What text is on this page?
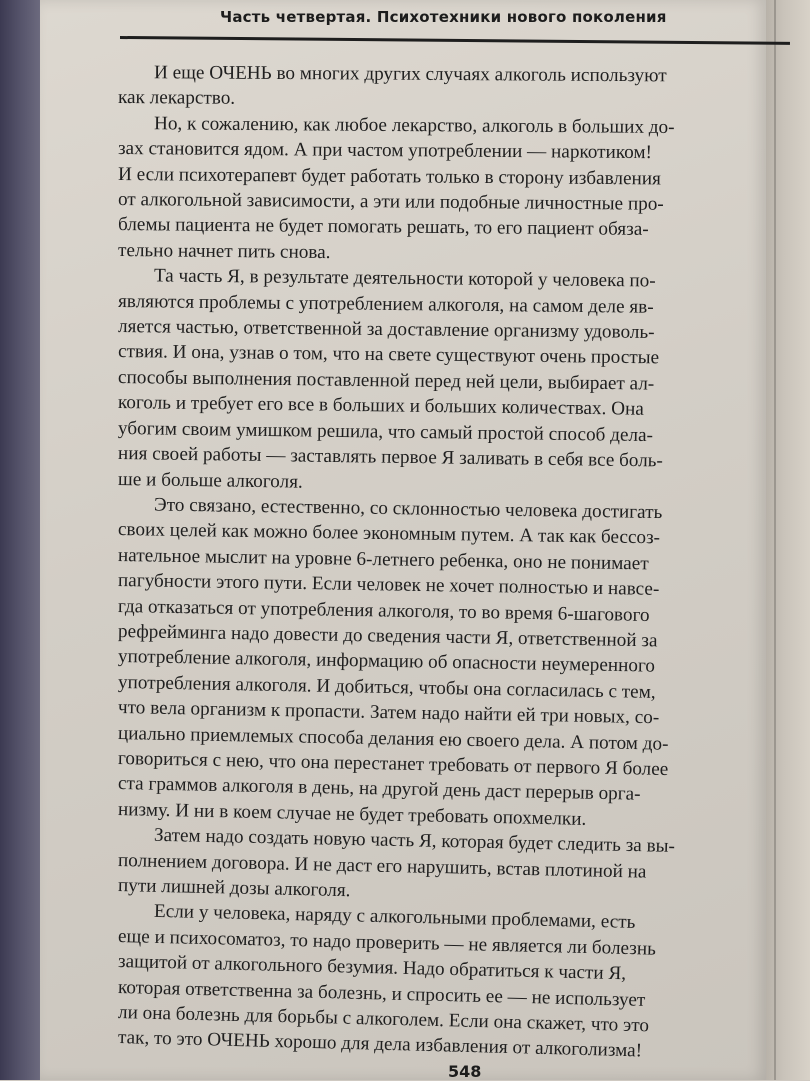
Часть четвертая. Психотехники нового поколения
И еще ОЧЕНЬ во многих других случаях алкоголь используют
как лекарство.
Но, к сожалению, как любое лекарство, алкоголь в больших до-
зах становится ядом. А при частом употреблении — наркотиком!
И если психотерапевт будет работать только в сторону избавления
от алкогольной зависимости, а эти или подобные личностные про-
блемы пациента не будет помогать решать, то его пациент обяза-
тельно начнет пить снова.
Та часть Я, в результате деятельности которой у человека по-
являются проблемы с употреблением алкоголя, на самом деле яв-
ляется частью, ответственной за доставление организму удоволь-
ствия. И она, узнав о том, что на свете существуют очень простые
способы выполнения поставленной перед ней цели, выбирает ал-
коголь и требует его все в больших и больших количествах. Она
убогим своим умишком решила, что самый простой способ дела-
ния своей работы — заставлять первое Я заливать в себя все боль-
ше и больше алкоголя.
Это связано, естественно, со склонностью человека достигать
своих целей как можно более экономным путем. А так как бессоз-
нательное мыслит на уровне 6-летнего ребенка, оно не понимает
пагубности этого пути. Если человек не хочет полностью и навсе-
гда отказаться от употребления алкоголя, то во время 6-шагового
рефрейминга надо довести до сведения части Я, ответственной за
употребление алкоголя, информацию об опасности неумеренного
употребления алкоголя. И добиться, чтобы она согласилась с тем,
что вела организм к пропасти. Затем надо найти ей три новых, со-
циально приемлемых способа делания ею своего дела. А потом до-
говориться с нею, что она перестанет требовать от первого Я более
ста граммов алкоголя в день, на другой день даст перерыв орга-
низму. И ни в коем случае не будет требовать опохмелки.
Затем надо создать новую часть Я, которая будет следить за вы-
полнением договора. И не даст его нарушить, встав плотиной на
пути лишней дозы алкоголя.
Если у человека, наряду с алкогольными проблемами, есть
еще и психосоматоз, то надо проверить — не является ли болезнь
защитой от алкогольного безумия. Надо обратиться к части Я,
которая ответственна за болезнь, и спросить ее — не использует
ли она болезнь для борьбы с алкоголем. Если она скажет, что это
так, то это ОЧЕНЬ хорошо для дела избавления от алкоголизма!
548
